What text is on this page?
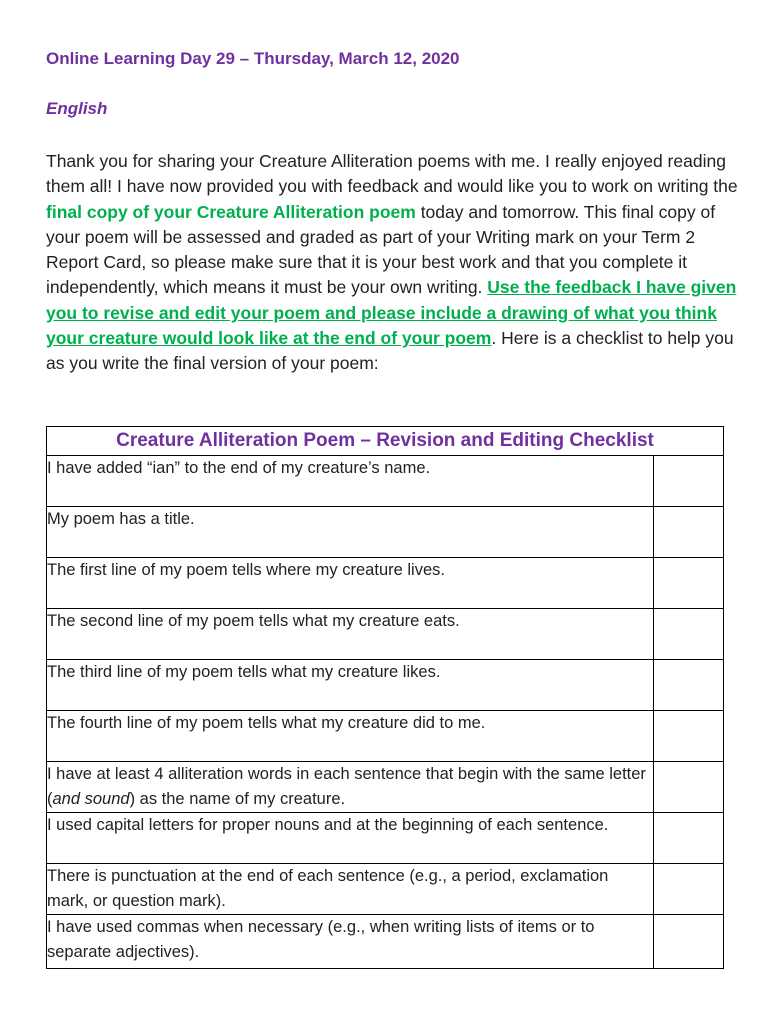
Online Learning Day 29 – Thursday, March 12, 2020

English

Thank you for sharing your Creature Alliteration poems with me. I really enjoyed reading them all! I have now provided you with feedback and would like you to work on writing the final copy of your Creature Alliteration poem today and tomorrow. This final copy of your poem will be assessed and graded as part of your Writing mark on your Term 2 Report Card, so please make sure that it is your best work and that you complete it independently, which means it must be your own writing. Use the feedback I have given you to revise and edit your poem and please include a drawing of what you think your creature would look like at the end of your poem. Here is a checklist to help you as you write the final version of your poem:

Creature Alliteration Poem – Revision and Editing Checklist	
I have added “ian” to the end of my creature’s name.	
My poem has a title.	
The first line of my poem tells where my creature lives.	
The second line of my poem tells what my creature eats.	
The third line of my poem tells what my creature likes.	
The fourth line of my poem tells what my creature did to me.	
I have at least 4 alliteration words in each sentence that begin with the same letter (and sound) as the name of my creature.	
I used capital letters for proper nouns and at the beginning of each sentence.	
There is punctuation at the end of each sentence (e.g., a period, exclamation mark, or question mark).	
I have used commas when necessary (e.g., when writing lists of items or to separate adjectives).	
